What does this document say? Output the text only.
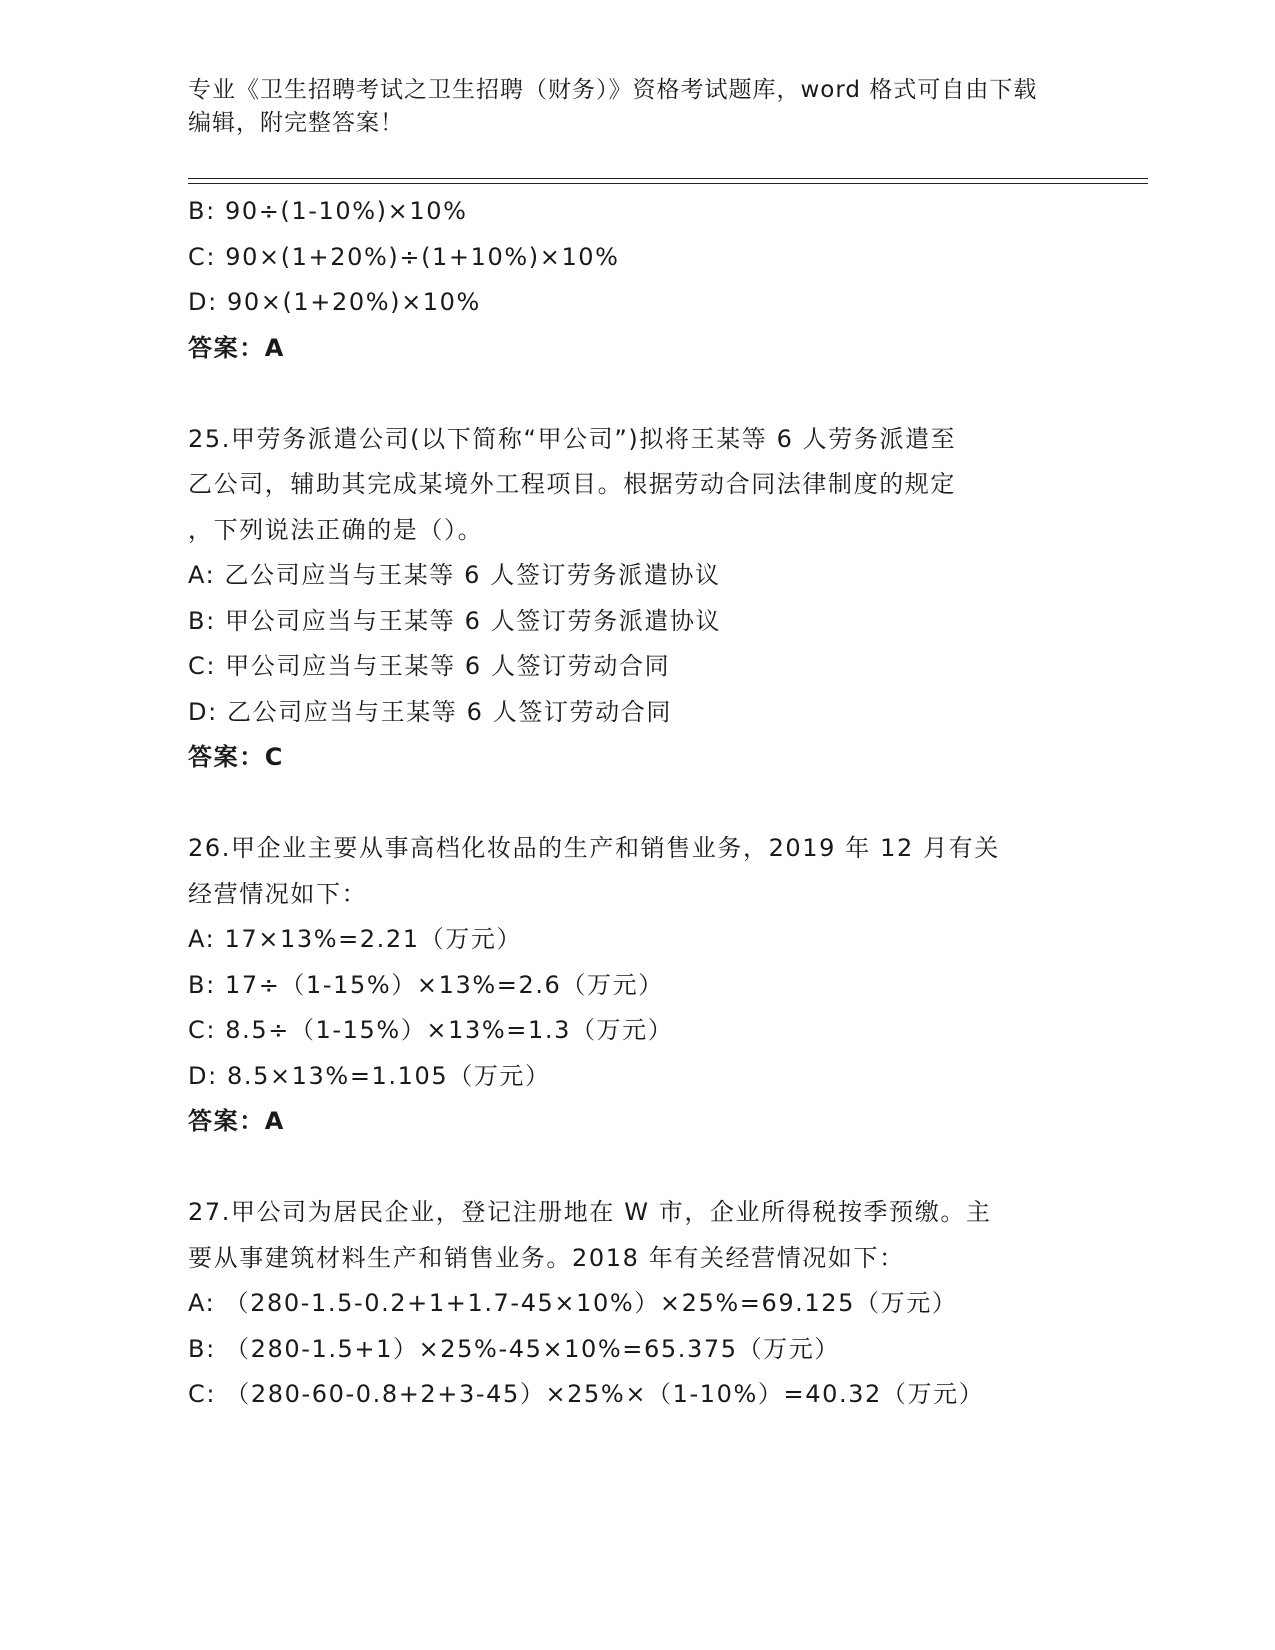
专业《卫生招聘考试之卫生招聘（财务）》资格考试题库，word 格式可自由下载
编辑，附完整答案！
B: 90÷(1-10%)×10%
C: 90×(1+20%)÷(1+10%)×10%
D: 90×(1+20%)×10%
答案：A
25.甲劳务派遣公司(以下简称“甲公司”)拟将王某等 6 人劳务派遣至
乙公司，辅助其完成某境外工程项目。根据劳动合同法律制度的规定
，下列说法正确的是（）。
A: 乙公司应当与王某等 6 人签订劳务派遣协议
B: 甲公司应当与王某等 6 人签订劳务派遣协议
C: 甲公司应当与王某等 6 人签订劳动合同
D: 乙公司应当与王某等 6 人签订劳动合同
答案：C
26.甲企业主要从事高档化妆品的生产和销售业务，2019 年 12 月有关
经营情况如下：
A: 17×13%=2.21（万元）
B: 17÷（1-15%）×13%=2.6（万元）
C: 8.5÷（1-15%）×13%=1.3（万元）
D: 8.5×13%=1.105（万元）
答案：A
27.甲公司为居民企业，登记注册地在 W 市，企业所得税按季预缴。主
要从事建筑材料生产和销售业务。2018 年有关经营情况如下：
A: （280-1.5-0.2+1+1.7-45×10%）×25%=69.125（万元）
B: （280-1.5+1）×25%-45×10%=65.375（万元）
C: （280-60-0.8+2+3-45）×25%×（1-10%）=40.32（万元）
